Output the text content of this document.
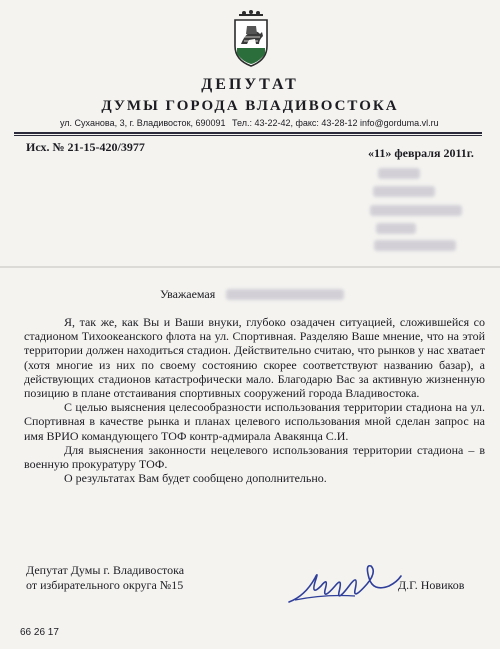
ДЕПУТАТ
ДУМЫ ГОРОДА ВЛАДИВОСТОКА
ул. Суханова, 3, г. Владивосток, 690091 Тел.: 43-22-42, факс: 43-28-12 info@gorduma.vl.ru
Исх. № 21-15-420/3977	«11» февраля 2011г.
Уважаемая

Я, так же, как Вы и Ваши внуки, глубоко озадачен ситуацией, сложившейся со стадионом Тихоокеанского флота на ул. Спортивная. Разделяю Ваше мнение, что на этой территории должен находиться стадион. Действительно считаю, что рынков у нас хватает (хотя многие из них по своему состоянию скорее соответствуют названию базар), а действующих стадионов катастрофически мало. Благодарю Вас за активную жизненную позицию в плане отстаивания спортивных сооружений города Владивостока.

С целью выяснения целесообразности использования территории стадиона на ул. Спортивная в качестве рынка и планах целевого использования мной сделан запрос на имя ВРИО командующего ТОФ контр-адмирала Авакянца С.И.

Для выяснения законности нецелевого использования территории стадиона – в военную прокуратуру ТОФ.

О результатах Вам будет сообщено дополнительно.

Депутат Думы г. Владивостока
от избирательного округа №15	Д.Г. Новиков
66 26 17
